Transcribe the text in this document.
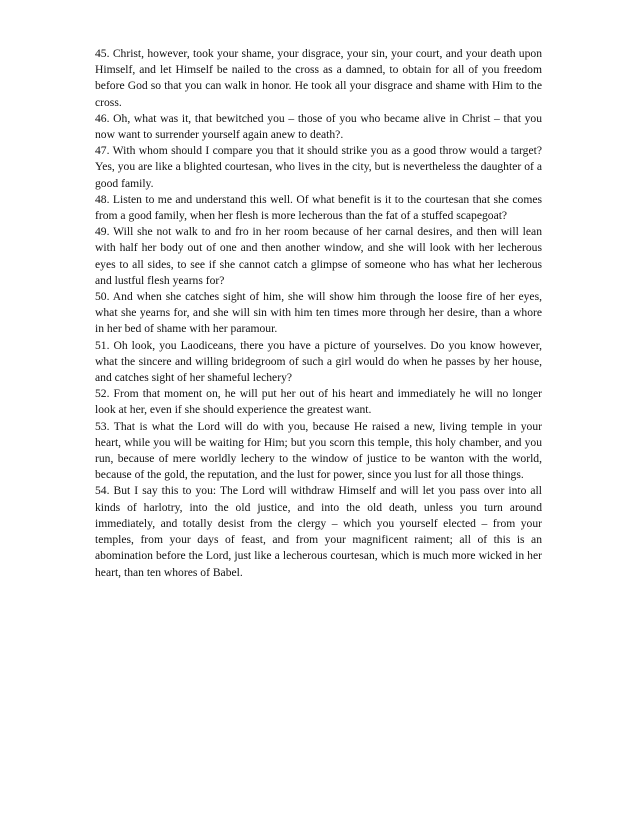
45. Christ, however, took your shame, your disgrace, your sin, your court, and your death upon Himself, and let Himself be nailed to the cross as a damned, to obtain for all of you freedom before God so that you can walk in honor. He took all your disgrace and shame with Him to the cross.

46. Oh, what was it, that bewitched you – those of you who became alive in Christ – that you now want to surrender yourself again anew to death?.

47. With whom should I compare you that it should strike you as a good throw would a target? Yes, you are like a blighted courtesan, who lives in the city, but is nevertheless the daughter of a good family.

48. Listen to me and understand this well. Of what benefit is it to the courtesan that she comes from a good family, when her flesh is more lecherous than the fat of a stuffed scapegoat?

49. Will she not walk to and fro in her room because of her carnal desires, and then will lean with half her body out of one and then another window, and she will look with her lecherous eyes to all sides, to see if she cannot catch a glimpse of someone who has what her lecherous and lustful flesh yearns for?

50. And when she catches sight of him, she will show him through the loose fire of her eyes, what she yearns for, and she will sin with him ten times more through her desire, than a whore in her bed of shame with her paramour.

51. Oh look, you Laodiceans, there you have a picture of yourselves. Do you know however, what the sincere and willing bridegroom of such a girl would do when he passes by her house, and catches sight of her shameful lechery?

52. From that moment on, he will put her out of his heart and immediately he will no longer look at her, even if she should experience the greatest want.

53. That is what the Lord will do with you, because He raised a new, living temple in your heart, while you will be waiting for Him; but you scorn this temple, this holy chamber, and you run, because of mere worldly lechery to the window of justice to be wanton with the world, because of the gold, the reputation, and the lust for power, since you lust for all those things.

54. But I say this to you: The Lord will withdraw Himself and will let you pass over into all kinds of harlotry, into the old justice, and into the old death, unless you turn around immediately, and totally desist from the clergy – which you yourself elected – from your temples, from your days of feast, and from your magnificent raiment; all of this is an abomination before the Lord, just like a lecherous courtesan, which is much more wicked in her heart, than ten whores of Babel.
